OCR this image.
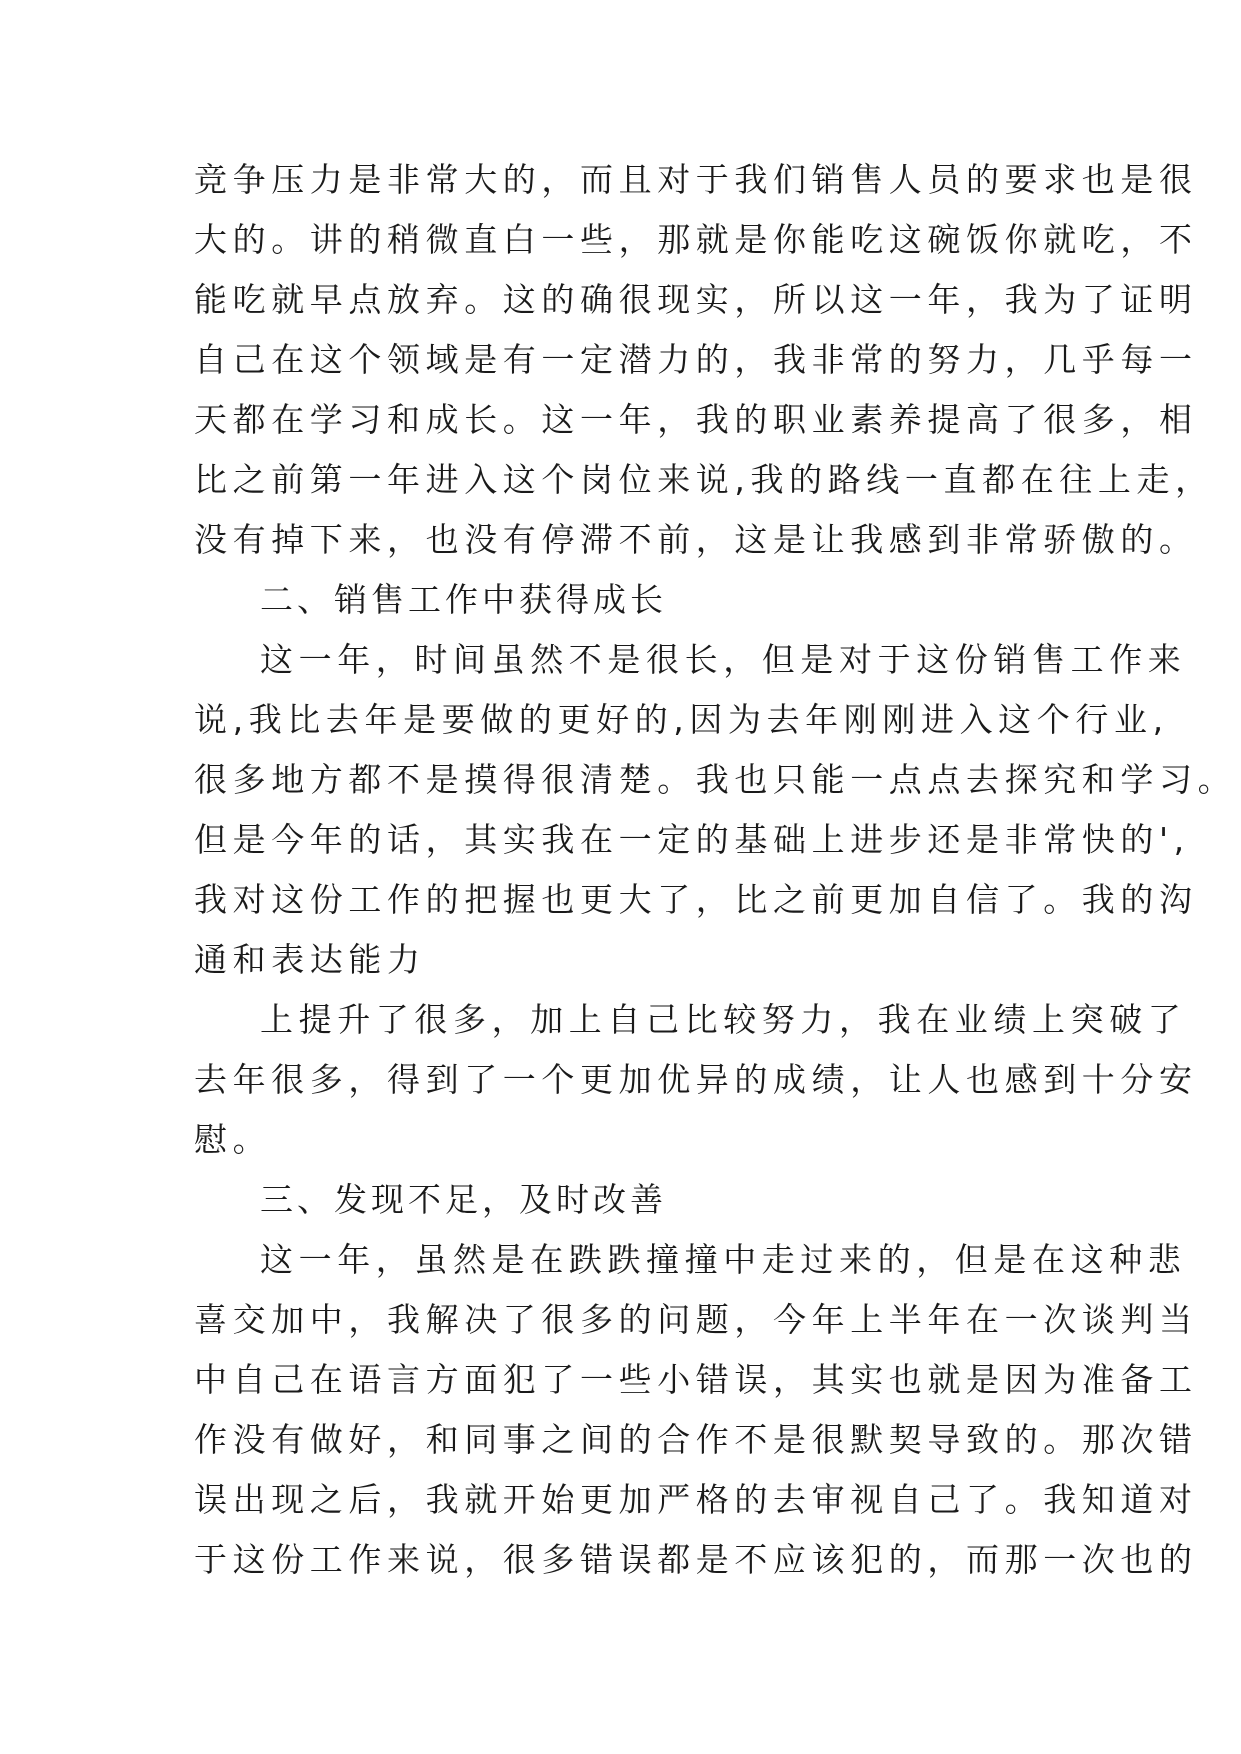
竞争压力是非常大的，而且对于我们销售人员的要求也是很
大的。讲的稍微直白一些，那就是你能吃这碗饭你就吃，不
能吃就早点放弃。这的确很现实，所以这一年，我为了证明
自己在这个领域是有一定潜力的，我非常的努力，几乎每一
天都在学习和成长。这一年，我的职业素养提高了很多，相
比之前第一年进入这个岗位来说,我的路线一直都在往上走，
没有掉下来，也没有停滞不前，这是让我感到非常骄傲的。
二、销售工作中获得成长
这一年，时间虽然不是很长，但是对于这份销售工作来
说,我比去年是要做的更好的,因为去年刚刚进入这个行业,
很多地方都不是摸得很清楚。我也只能一点点去探究和学习。
但是今年的话，其实我在一定的基础上进步还是非常快的',
我对这份工作的把握也更大了，比之前更加自信了。我的沟
通和表达能力
上提升了很多，加上自己比较努力，我在业绩上突破了
去年很多，得到了一个更加优异的成绩，让人也感到十分安
慰。
三、发现不足，及时改善
这一年，虽然是在跌跌撞撞中走过来的，但是在这种悲
喜交加中，我解决了很多的问题，今年上半年在一次谈判当
中自己在语言方面犯了一些小错误，其实也就是因为准备工
作没有做好，和同事之间的合作不是很默契导致的。那次错
误出现之后，我就开始更加严格的去审视自己了。我知道对
于这份工作来说，很多错误都是不应该犯的，而那一次也的
